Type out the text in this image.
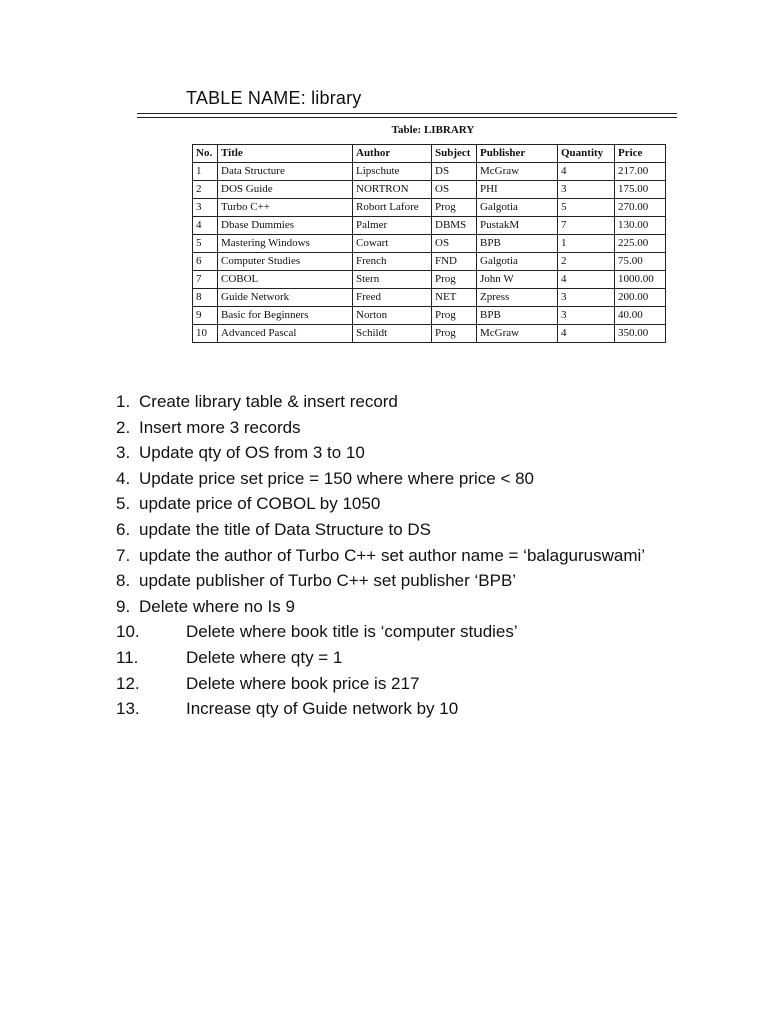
TABLE NAME: library
Table: LIBRARY
No.	Title	Author	Subject	Publisher	Quantity	Price
1	Data Structure	Lipschute	DS	McGraw	4	217.00
2	DOS Guide	NORTRON	OS	PHI	3	175.00
3	Turbo C++	Robort Lafore	Prog	Galgotia	5	270.00
4	Dbase Dummies	Palmer	DBMS	PustakM	7	130.00
5	Mastering Windows	Cowart	OS	BPB	1	225.00
6	Computer Studies	French	FND	Galgotia	2	75.00
7	COBOL	Stern	Prog	John W	4	1000.00
8	Guide Network	Freed	NET	Zpress	3	200.00
9	Basic for Beginners	Norton	Prog	BPB	3	40.00
10	Advanced Pascal	Schildt	Prog	McGraw	4	350.00
1. Create library table & insert record
2. Insert more 3 records
3. Update qty of OS from 3 to 10
4. Update price set price = 150 where where price < 80
5. update price of COBOL by 1050
6. update the title of Data Structure to DS
7. update the author of Turbo C++ set author name = ‘balaguruswami’
8. update publisher of Turbo C++ set publisher ‘BPB’
9. Delete where no Is 9
10.	Delete where book title is ‘computer studies’
11.	Delete where qty = 1
12.	Delete where book price is 217
13.	Increase qty of Guide network by 10
